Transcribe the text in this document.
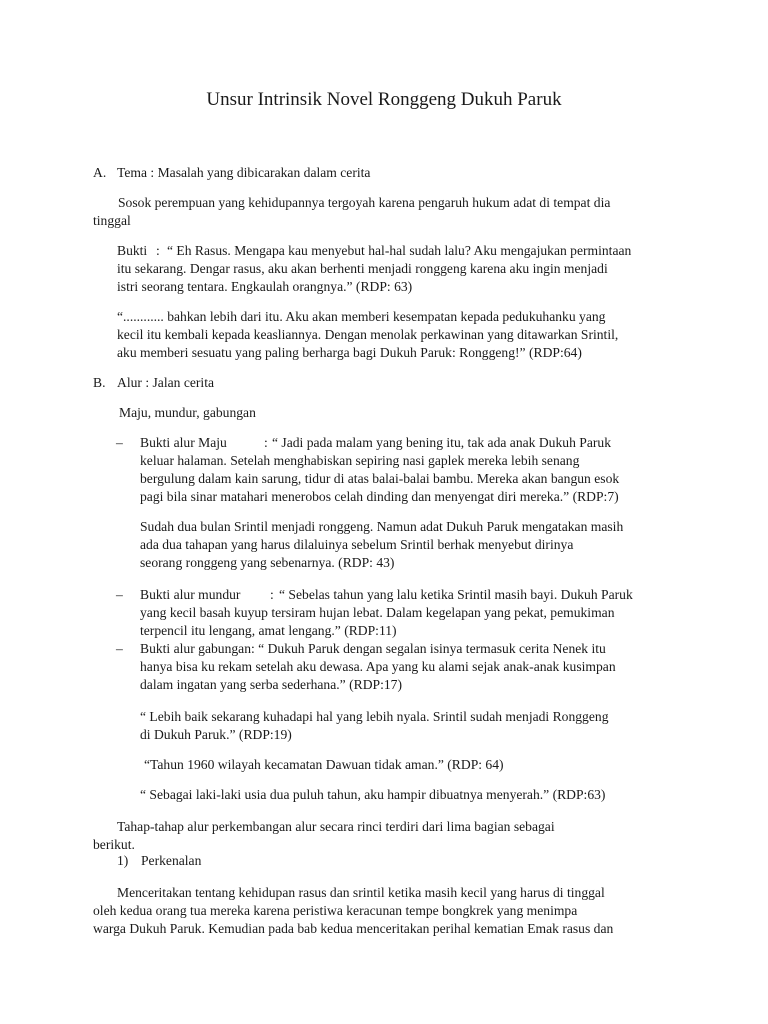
Unsur Intrinsik Novel Ronggeng Dukuh Paruk
A. Tema : Masalah yang dibicarakan dalam cerita
Sosok perempuan yang kehidupannya tergoyah karena pengaruh hukum adat di tempat dia
tinggal
Bukti : “ Eh Rasus. Mengapa kau menyebut hal-hal sudah lalu? Aku mengajukan permintaan
itu sekarang. Dengar rasus, aku akan berhenti menjadi ronggeng karena aku ingin menjadi
istri seorang tentara. Engkaulah orangnya.” (RDP: 63)
“............ bahkan lebih dari itu. Aku akan memberi kesempatan kepada pedukuhanku yang
kecil itu kembali kepada keasliannya. Dengan menolak perkawinan yang ditawarkan Srintil,
aku memberi sesuatu yang paling berharga bagi Dukuh Paruk: Ronggeng!” (RDP:64)
B. Alur : Jalan cerita
Maju, mundur, gabungan
– Bukti alur Maju	: “ Jadi pada malam yang bening itu, tak ada anak Dukuh Paruk
keluar halaman. Setelah menghabiskan sepiring nasi gaplek mereka lebih senang
bergulung dalam kain sarung, tidur di atas balai-balai bambu. Mereka akan bangun esok
pagi bila sinar matahari menerobos celah dinding dan menyengat diri mereka.” (RDP:7)
Sudah dua bulan Srintil menjadi ronggeng. Namun adat Dukuh Paruk mengatakan masih
ada dua tahapan yang harus dilaluinya sebelum Srintil berhak menyebut dirinya
seorang ronggeng yang sebenarnya. (RDP: 43)
– Bukti alur mundur : “ Sebelas tahun yang lalu ketika Srintil masih bayi. Dukuh Paruk
yang kecil basah kuyup tersiram hujan lebat. Dalam kegelapan yang pekat, pemukiman
terpencil itu lengang, amat lengang.” (RDP:11)
– Bukti alur gabungan: “ Dukuh Paruk dengan segalan isinya termasuk cerita Nenek itu
hanya bisa ku rekam setelah aku dewasa. Apa yang ku alami sejak anak-anak kusimpan
dalam ingatan yang serba sederhana.” (RDP:17)
“ Lebih baik sekarang kuhadapi hal yang lebih nyala. Srintil sudah menjadi Ronggeng
di Dukuh Paruk.” (RDP:19)
“Tahun 1960 wilayah kecamatan Dawuan tidak aman.” (RDP: 64)
“ Sebagai laki-laki usia dua puluh tahun, aku hampir dibuatnya menyerah.” (RDP:63)
Tahap-tahap alur perkembangan alur secara rinci terdiri dari lima bagian sebagai
berikut.
1) Perkenalan
Menceritakan tentang kehidupan rasus dan srintil ketika masih kecil yang harus di tinggal
oleh kedua orang tua mereka karena peristiwa keracunan tempe bongkrek yang menimpa
warga Dukuh Paruk. Kemudian pada bab kedua menceritakan perihal kematian Emak rasus dan
